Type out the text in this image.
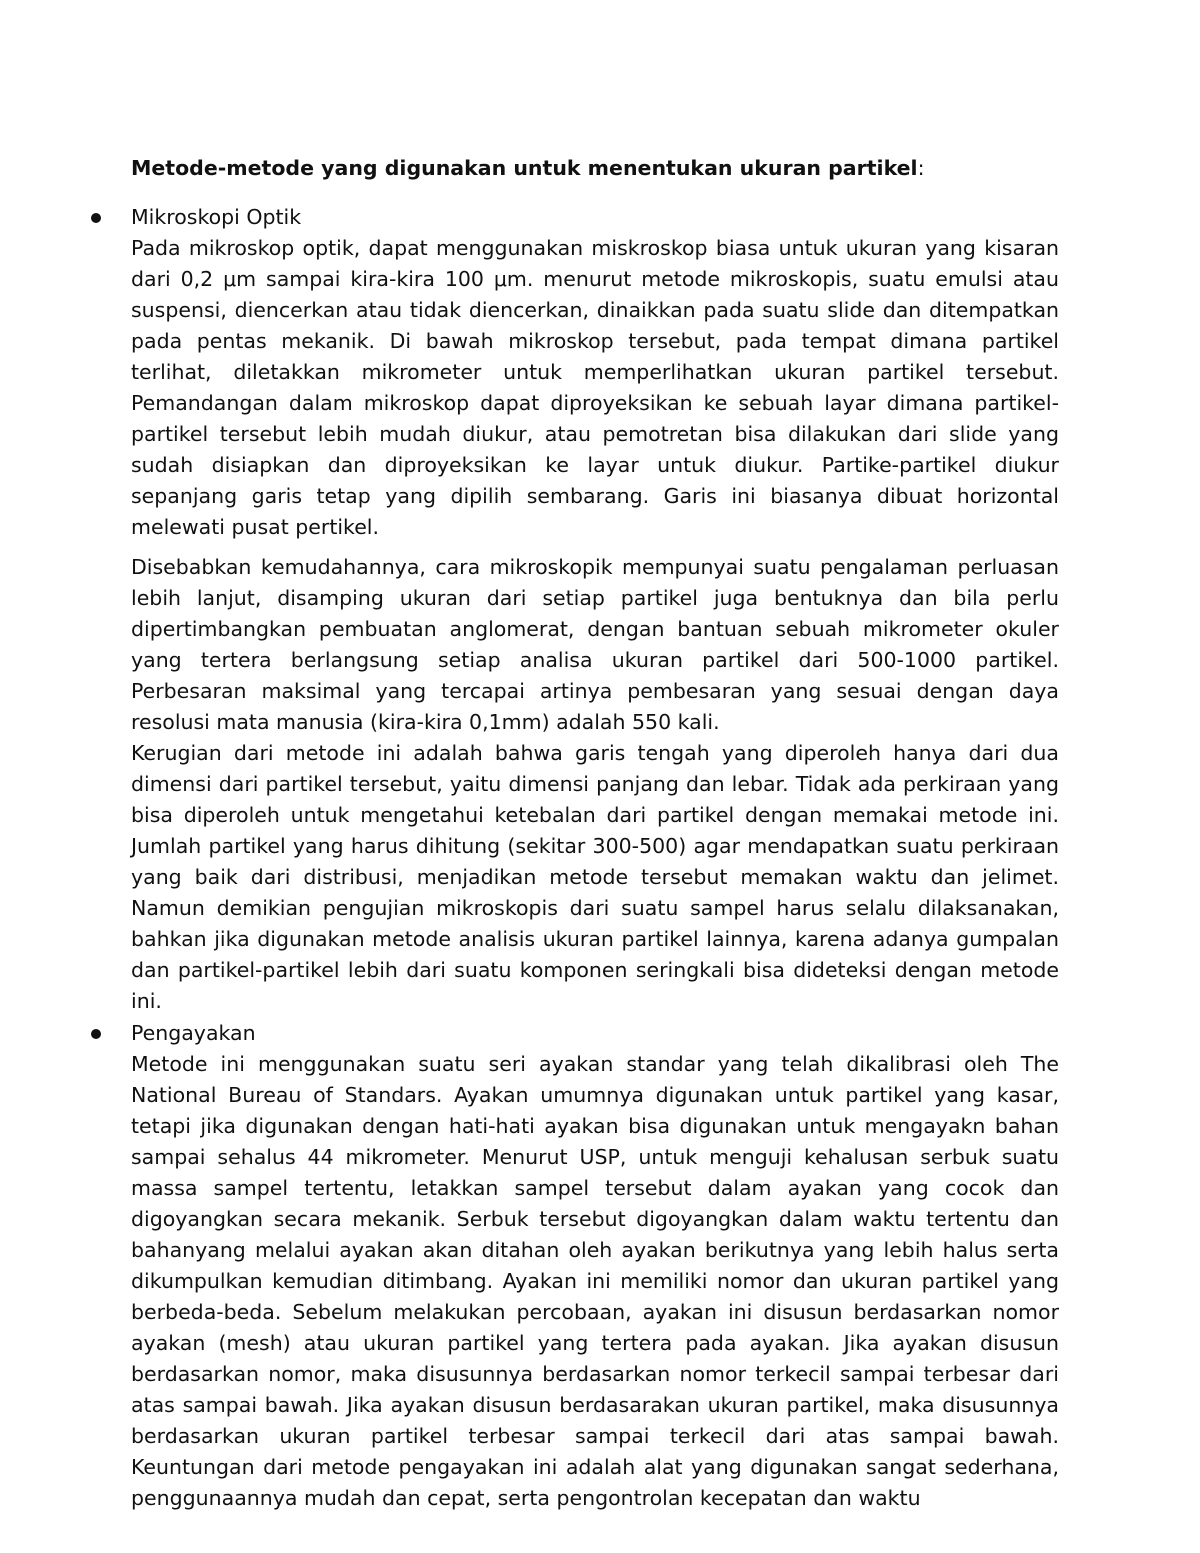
Metode-metode yang digunakan untuk menentukan ukuran partikel:

Mikroskopi Optik

Pada mikroskop optik, dapat menggunakan miskroskop biasa untuk ukuran yang kisaran dari 0,2 μm sampai kira-kira 100 μm. menurut metode mikroskopis, suatu emulsi atau suspensi, diencerkan atau tidak diencerkan, dinaikkan pada suatu slide dan ditempatkan pada pentas mekanik. Di bawah mikroskop tersebut, pada tempat dimana partikel terlihat, diletakkan mikrometer untuk memperlihatkan ukuran partikel tersebut. Pemandangan dalam mikroskop dapat diproyeksikan ke sebuah layar dimana partikel-partikel tersebut lebih mudah diukur, atau pemotretan bisa dilakukan dari slide yang sudah disiapkan dan diproyeksikan ke layar untuk diukur. Partike-partikel diukur sepanjang garis tetap yang dipilih sembarang. Garis ini biasanya dibuat horizontal melewati pusat pertikel.

Disebabkan kemudahannya, cara mikroskopik mempunyai suatu pengalaman perluasan lebih lanjut, disamping ukuran dari setiap partikel juga bentuknya dan bila perlu dipertimbangkan pembuatan anglomerat, dengan bantuan sebuah mikrometer okuler yang tertera berlangsung setiap analisa ukuran partikel dari 500-1000 partikel. Perbesaran maksimal yang tercapai artinya pembesaran yang sesuai dengan daya resolusi mata manusia (kira-kira 0,1mm) adalah 550 kali.

Kerugian dari metode ini adalah bahwa garis tengah yang diperoleh hanya dari dua dimensi dari partikel tersebut, yaitu dimensi panjang dan lebar. Tidak ada perkiraan yang bisa diperoleh untuk mengetahui ketebalan dari partikel dengan memakai metode ini. Jumlah partikel yang harus dihitung (sekitar 300-500) agar mendapatkan suatu perkiraan yang baik dari distribusi, menjadikan metode tersebut memakan waktu dan jelimet. Namun demikian pengujian mikroskopis dari suatu sampel harus selalu dilaksanakan, bahkan jika digunakan metode analisis ukuran partikel lainnya, karena adanya gumpalan dan partikel-partikel lebih dari suatu komponen seringkali bisa dideteksi dengan metode ini.

Pengayakan

Metode ini menggunakan suatu seri ayakan standar yang telah dikalibrasi oleh The National Bureau of Standars. Ayakan umumnya digunakan untuk partikel yang kasar, tetapi jika digunakan dengan hati-hati ayakan bisa digunakan untuk mengayakn bahan sampai sehalus 44 mikrometer. Menurut USP, untuk menguji kehalusan serbuk suatu massa sampel tertentu, letakkan sampel tersebut dalam ayakan yang cocok dan digoyangkan secara mekanik. Serbuk tersebut digoyangkan dalam waktu tertentu dan bahanyang melalui ayakan akan ditahan oleh ayakan berikutnya yang lebih halus serta dikumpulkan kemudian ditimbang. Ayakan ini memiliki nomor dan ukuran partikel yang berbeda-beda. Sebelum melakukan percobaan, ayakan ini disusun berdasarkan nomor ayakan (mesh) atau ukuran partikel yang tertera pada ayakan. Jika ayakan disusun berdasarkan nomor, maka disusunnya berdasarkan nomor terkecil sampai terbesar dari atas sampai bawah. Jika ayakan disusun berdasarakan ukuran partikel, maka disusunnya berdasarkan ukuran partikel terbesar sampai terkecil dari atas sampai bawah. Keuntungan dari metode pengayakan ini adalah alat yang digunakan sangat sederhana, penggunaannya mudah dan cepat, serta pengontrolan kecepatan dan waktu
